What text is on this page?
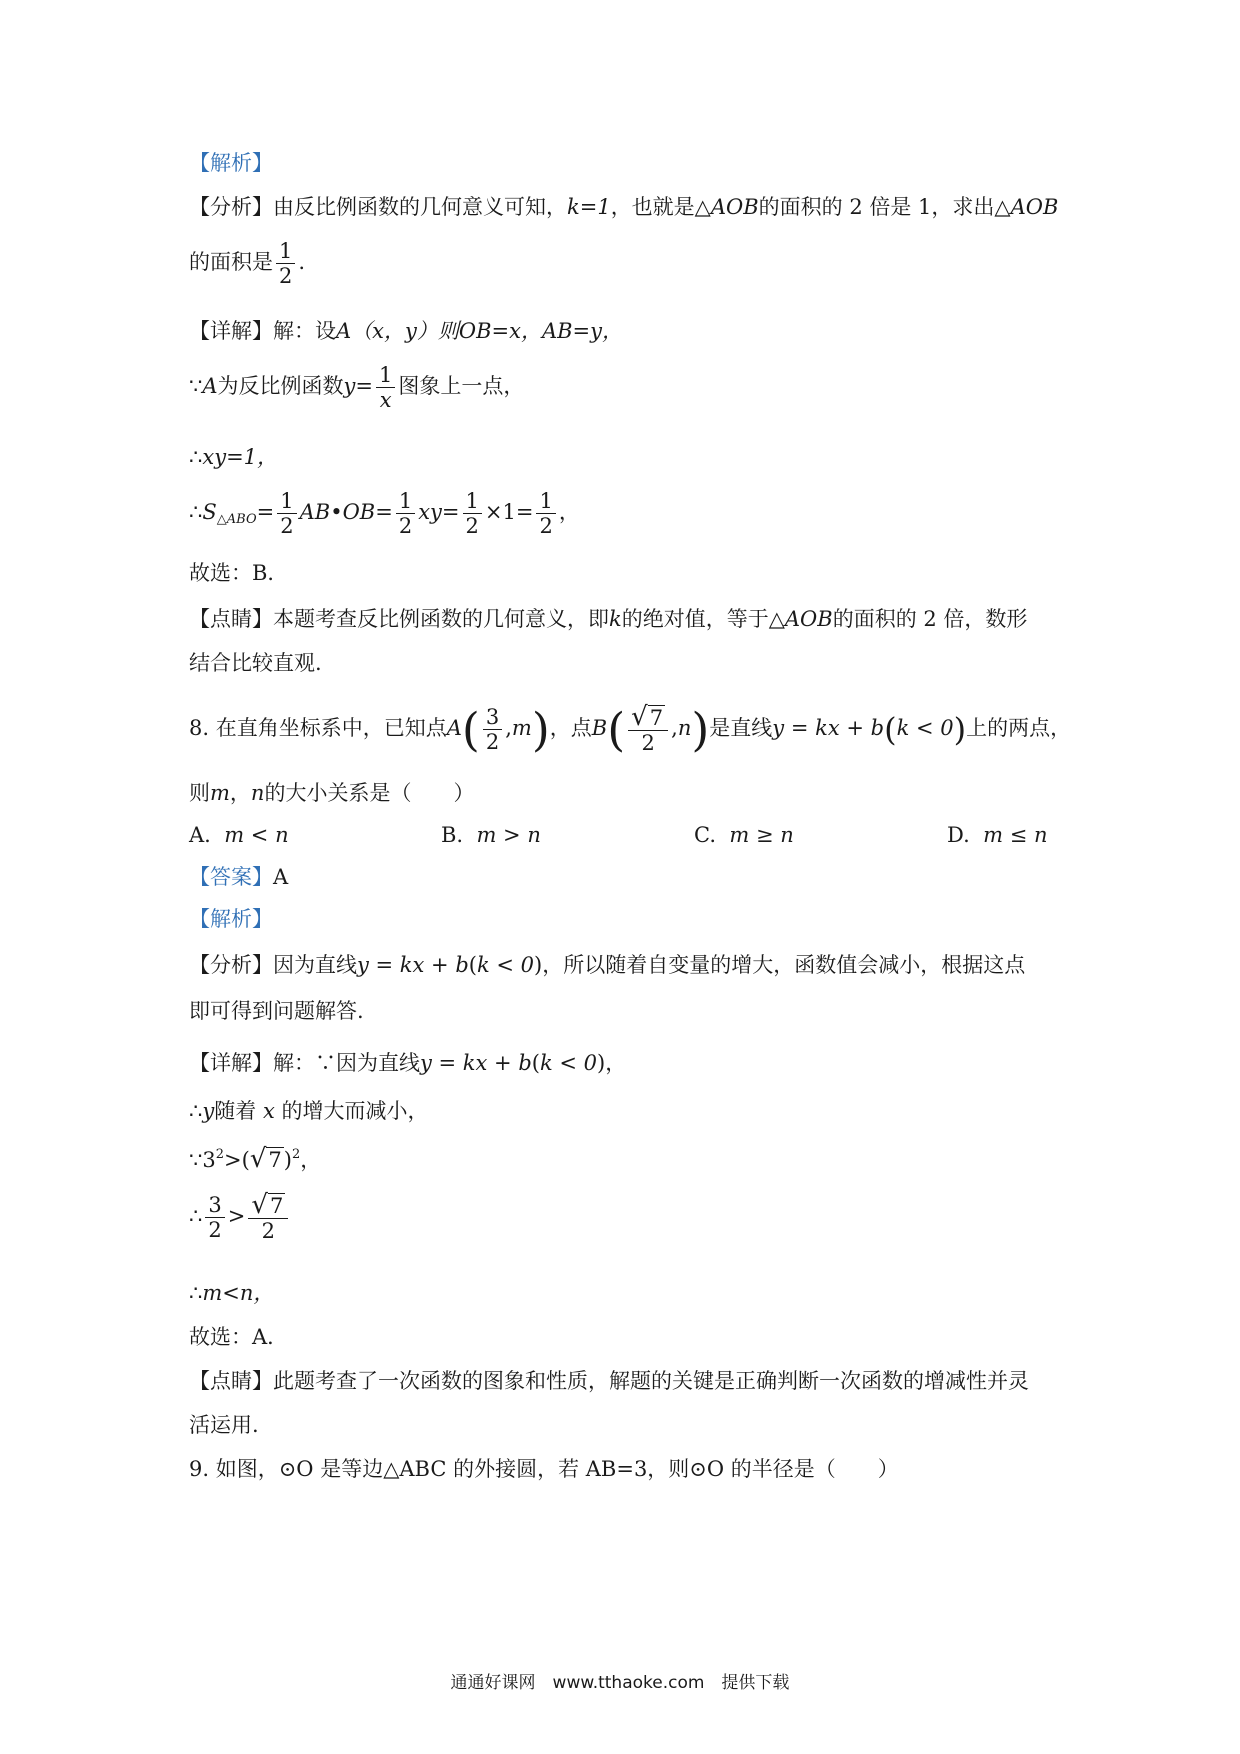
【解析】
【分析】由反比例函数的几何意义可知，k=1，也就是△AOB的面积的 2 倍是 1，求出△AOB
的面积是 $\frac{1}{2}$ .
【详解】解：设A（x，y）则OB=x，AB=y，
∵A为反比例函数$y= \frac{1}{x}$ 图象上一点，
∴xy=1，
$\therefore S_{\triangle ABO}= \frac{1}{2}$ AB•OB= $\frac{1}{2} xy= \frac{1}{2} \times 1= \frac{1}{2}$ ，
故选：B．
【点睛】本题考查反比例函数的几何意义，即k的绝对值，等于△AOB的面积的 2 倍，数形
结合比较直观.
8. 在直角坐标系中，已知点$A( \frac{3}{2} ,m)$，点$B( \frac{√7}{2} ,n)$是直线y = kx + b(k < 0)上的两点，
则m，n的大小关系是（　　）
A. m < n	B. m > n	C. m ≥ n	D. m ≤ n
【答案】A
【解析】
【分析】因为直线y = kx + b(k < 0)，所以随着自变量的增大，函数值会减小，根据这点
即可得到问题解答.
【详解】解：∵因为直线y = kx + b(k < 0)，
∴y随着 x 的增大而减小，
$\because 3^2>(√7)^2$，
∴ $\frac{3}{2} > \frac{√7}{2}$
∴m<n，
故选：A．
【点睛】此题考查了一次函数的图象和性质，解题的关键是正确判断一次函数的增减性并灵
活运用.
9. 如图，⊙O 是等边△ABC 的外接圆，若 AB=3，则⊙O 的半径是（　　）
通通好课网　www.tthaoke.com　提供下载
